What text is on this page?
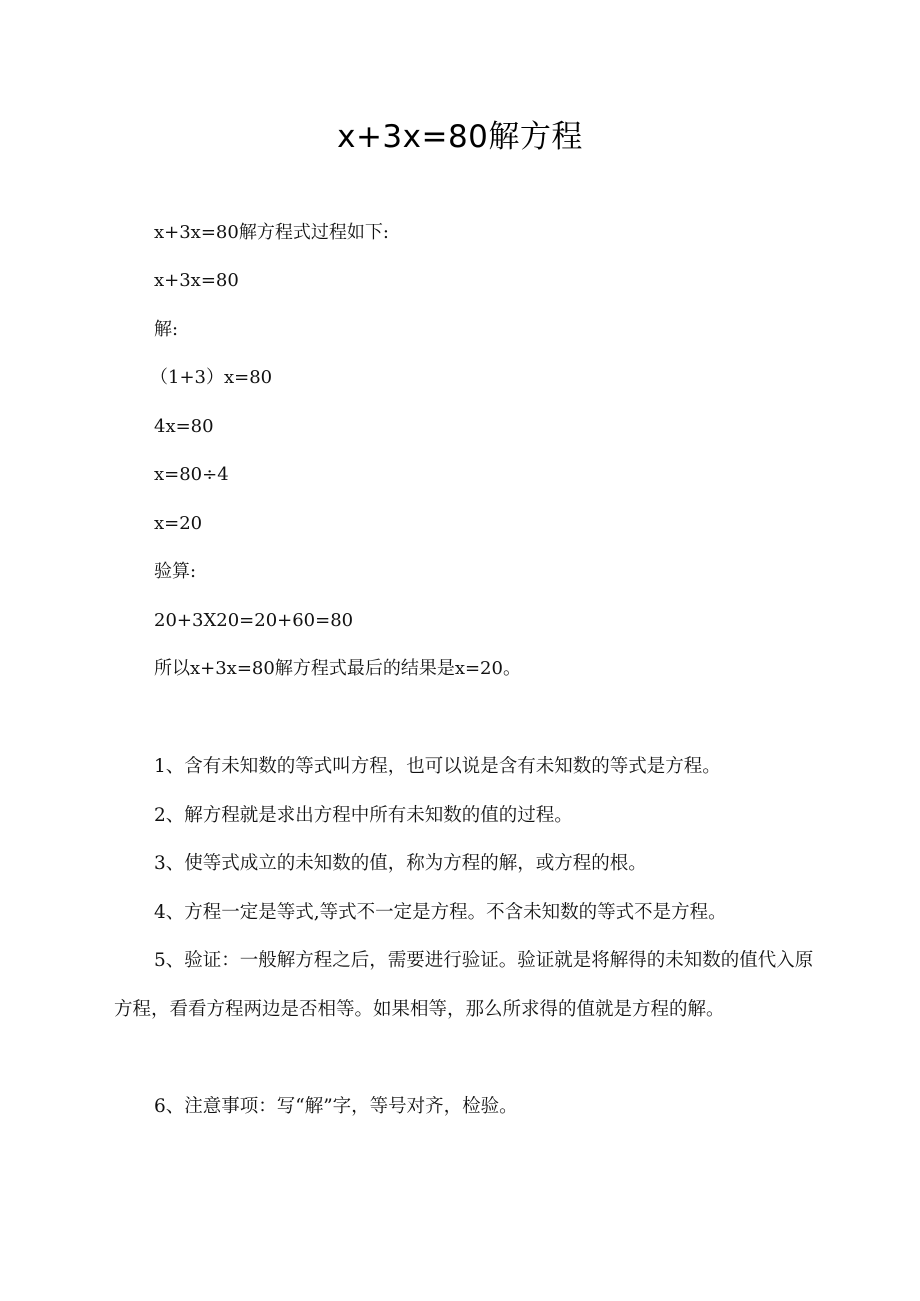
x+3x=80解方程
x+3x=80解方程式过程如下:
x+3x=80
解:
（1+3）x=80
4x=80
x=80÷4
x=20
验算:
20+3X20=20+60=80
所以x+3x=80解方程式最后的结果是x=20。

1、含有未知数的等式叫方程，也可以说是含有未知数的等式是方程。

2、解方程就是求出方程中所有未知数的值的过程。

3、使等式成立的未知数的值，称为方程的解，或方程的根。

4、方程一定是等式,等式不一定是方程。不含未知数的等式不是方程。

5、验证：一般解方程之后，需要进行验证。验证就是将解得的未知数的值代入原方程，看看方程两边是否相等。如果相等，那么所求得的值就是方程的解。

6、注意事项：写“解”字，等号对齐，检验。
